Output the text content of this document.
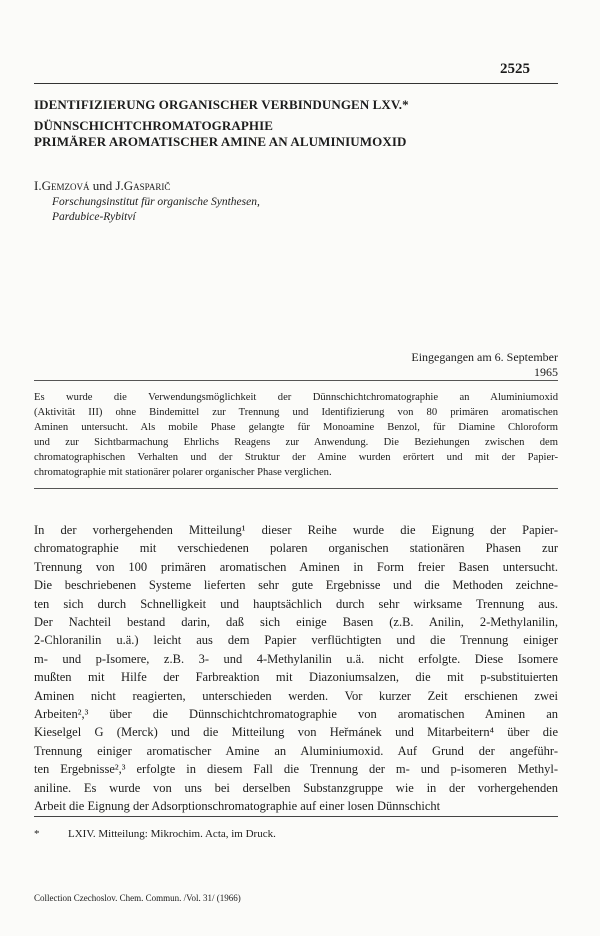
2525
IDENTIFIZIERUNG ORGANISCHER VERBINDUNGEN LXV.*
DÜNNSCHICHTCHROMATOGRAPHIE
PRIMÄRER AROMATISCHER AMINE AN ALUMINIUMOXID
I.Gemzová und J.Gasparič
Forschungsinstitut für organische Synthesen,
Pardubice-Rybitví
Eingegangen am 6. September 1965

Es wurde die Verwendungsmöglichkeit der Dünnschichtchromatographie an Aluminiumoxid

(Aktivität III) ohne Bindemittel zur Trennung und Identifizierung von 80 primären aromatischen

Aminen untersucht. Als mobile Phase gelangte für Monoamine Benzol, für Diamine Chloroform

und zur Sichtbarmachung Ehrlichs Reagens zur Anwendung. Die Beziehungen zwischen dem

chromatographischen Verhalten und der Struktur der Amine wurden erörtert und mit der Papier-

chromatographie mit stationärer polarer organischer Phase verglichen.

In der vorhergehenden Mitteilung¹ dieser Reihe wurde die Eignung der Papier-

chromatographie mit verschiedenen polaren organischen stationären Phasen zur

Trennung von 100 primären aromatischen Aminen in Form freier Basen untersucht.

Die beschriebenen Systeme lieferten sehr gute Ergebnisse und die Methoden zeichne-

ten sich durch Schnelligkeit und hauptsächlich durch sehr wirksame Trennung aus.

Der Nachteil bestand darin, daß sich einige Basen (z.B. Anilin, 2-Methylanilin,

2-Chloranilin u.ä.) leicht aus dem Papier verflüchtigten und die Trennung einiger

m- und p-Isomere, z.B. 3- und 4-Methylanilin u.ä. nicht erfolgte. Diese Isomere

mußten mit Hilfe der Farbreaktion mit Diazoniumsalzen, die mit p-substituierten

Aminen nicht reagierten, unterschieden werden. Vor kurzer Zeit erschienen zwei

Arbeiten²,³ über die Dünnschichtchromatographie von aromatischen Aminen an

Kieselgel G (Merck) und die Mitteilung von Heřmánek und Mitarbeitern⁴ über die

Trennung einiger aromatischer Amine an Aluminiumoxid. Auf Grund der angeführ-

ten Ergebnisse²,³ erfolgte in diesem Fall die Trennung der m- und p-isomeren Methyl-

aniline. Es wurde von uns bei derselben Substanzgruppe wie in der vorhergehenden

Arbeit die Eignung der Adsorptionschromatographie auf einer losen Dünnschicht

*	LXIV. Mitteilung: Mikrochim. Acta, im Druck.
Collection Czechoslov. Chem. Commun. /Vol. 31/ (1966)
